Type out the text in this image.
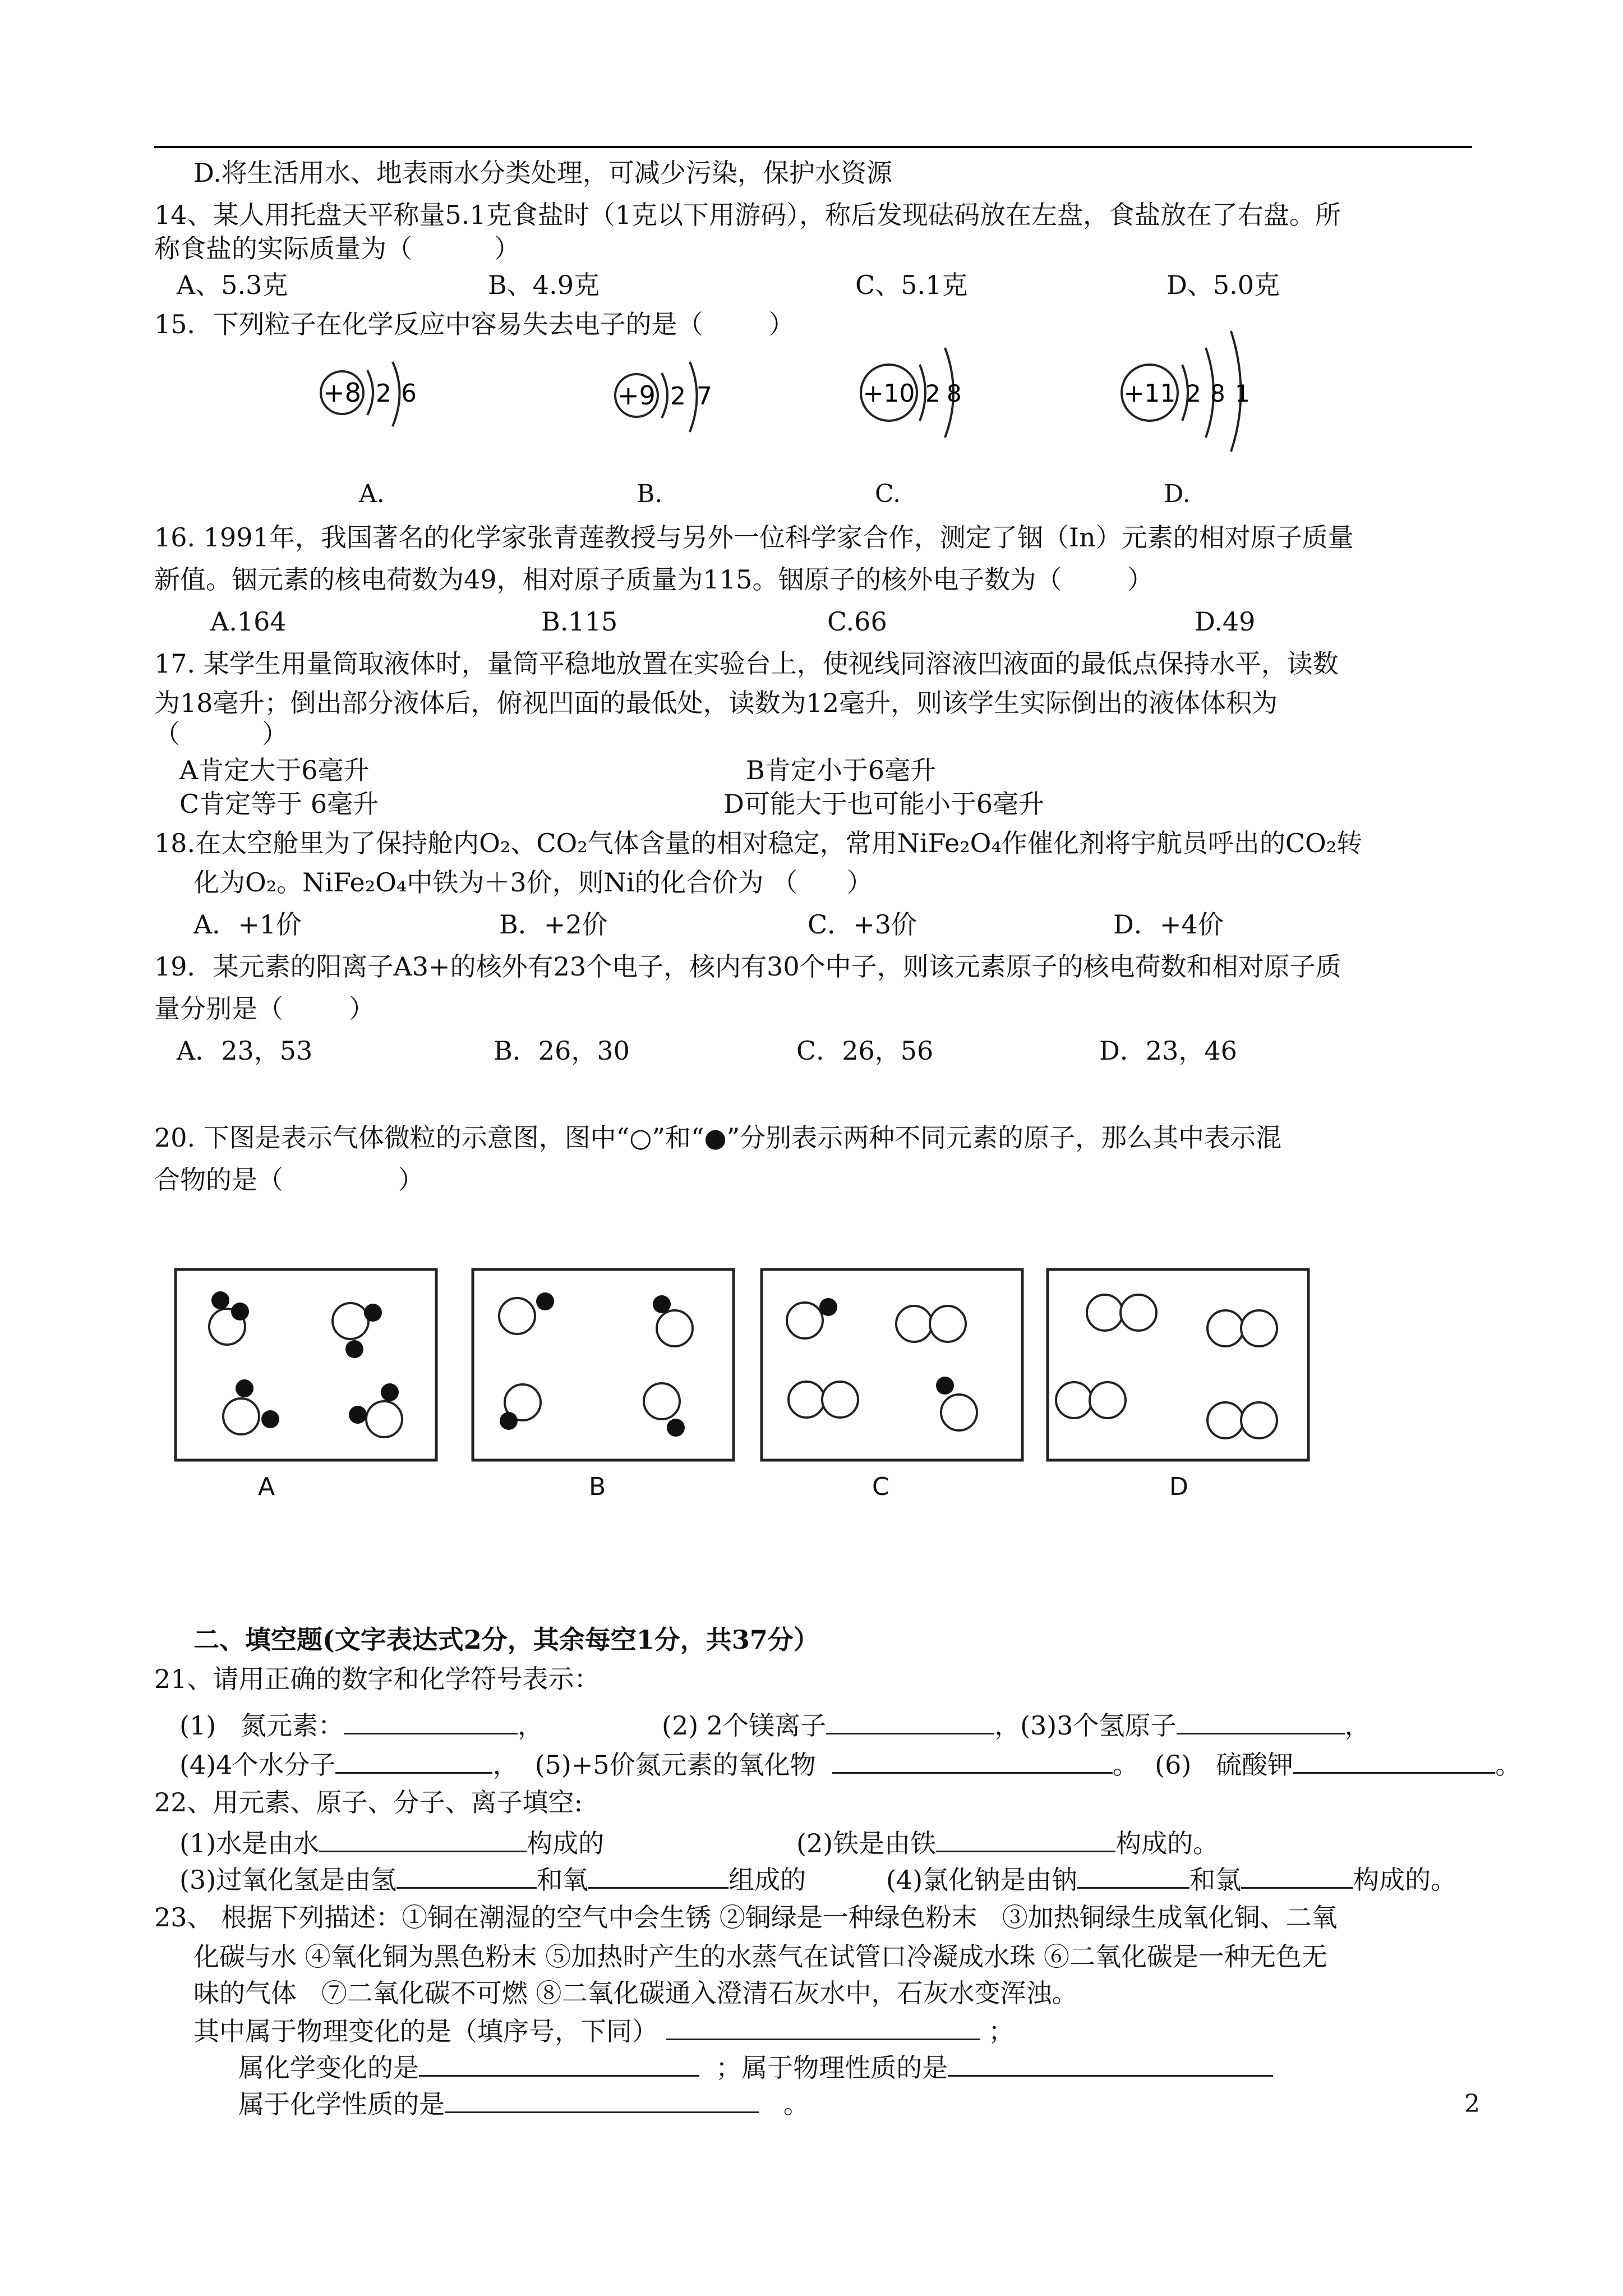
D.将生活用水、地表雨水分类处理，可减少污染，保护水资源
14、某人用托盘天平称量5.1克食盐时（1克以下用游码），称后发现砝码放在左盘，食盐放在了右盘。所
称食盐的实际质量为（          ）
A、5.3克	B、4.9克	C、5.1克	D、5.0克
15．下列粒子在化学反应中容易失去电子的是（        ）
+8 2 6
A.
+9 2 7
B.
+10 2 8
C.
+11 2 8 1
D.
16. 1991年，我国著名的化学家张青莲教授与另外一位科学家合作，测定了铟（In）元素的相对原子质量
新值。铟元素的核电荷数为49，相对原子质量为115。铟原子的核外电子数为（        ）
A.164	B.115	C.66	D.49
17. 某学生用量筒取液体时，量筒平稳地放置在实验台上，使视线同溶液凹液面的最低点保持水平，读数
为18毫升；倒出部分液体后，俯视凹面的最低处，读数为12毫升，则该学生实际倒出的液体体积为
（          ）
A肯定大于6毫升	B肯定小于6毫升
C肯定等于 6毫升	D可能大于也可能小于6毫升
18.在太空舱里为了保持舱内O₂、CO₂气体含量的相对稳定，常用NiFe₂O₄作催化剂将宇航员呼出的CO₂转
化为O₂。NiFe₂O₄中铁为＋3价，则Ni的化合价为 （      ）
A．+1价	B．+2价	C．+3价	D．+4价
19．某元素的阳离子A3+的核外有23个电子，核内有30个中子，则该元素原子的核电荷数和相对原子质
量分别是（        ）
A．23，53	B．26，30	C．26，56	D．23，46
20. 下图是表示气体微粒的示意图，图中“○”和“●”分别表示两种不同元素的原子，那么其中表示混
合物的是（              ）
A	B	C	D
二、填空题(文字表达式2分，其余每空1分，共37分）
21、请用正确的数字和化学符号表示：
(1)   氮元素：	，	(2) 2个镁离子	，(3)3个氢原子	，
(4)4个水分子	，  (5)+5价氮元素的氧化物	。  (6)   硫酸钾	。
22、用元素、原子、分子、离子填空:
(1)水是由水	构成的	(2)铁是由铁	构成的。
(3)过氧化氢是由氢	和氧	组成的	(4)氯化钠是由钠	和氯	构成的。
23、 根据下列描述：①铜在潮湿的空气中会生锈 ②铜绿是一种绿色粉末   ③加热铜绿生成氧化铜、二氧
化碳与水 ④氧化铜为黑色粉末 ⑤加热时产生的水蒸气在试管口冷凝成水珠 ⑥二氧化碳是一种无色无
味的气体   ⑦二氧化碳不可燃 ⑧二氧化碳通入澄清石灰水中，石灰水变浑浊。
其中属于物理变化的是（填序号，下同）	；
属化学变化的是	；属于物理性质的是
属于化学性质的是	。	2
